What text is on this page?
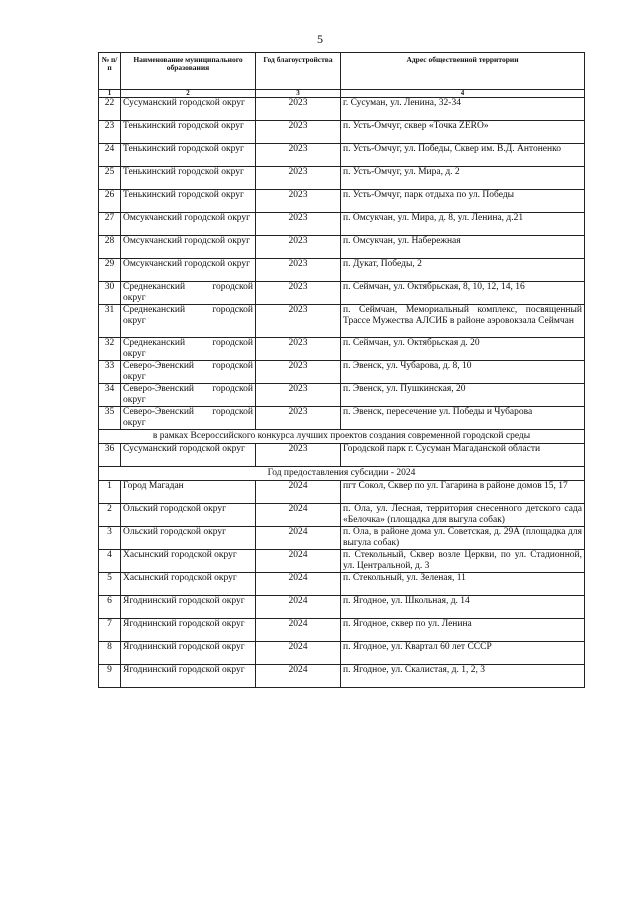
5
№ п/п	Наименование муниципального образования	Год благоустройства	Адрес общественной территории
1	2	3	4
22	Сусуманский городской округ	2023	г. Сусуман, ул. Ленина, 32-34
23	Тенькинский городской округ	2023	п. Усть-Омчуг, сквер «Точка ZERO»
24	Тенькинский городской округ	2023	п. Усть-Омчуг, ул. Победы, Сквер им. В.Д. Антоненко
25	Тенькинский городской округ	2023	п. Усть-Омчуг, ул. Мира, д. 2
26	Тенькинский городской округ	2023	п. Усть-Омчуг, парк отдыха по ул. Победы
27	Омсукчанский городской округ	2023	п. Омсукчан, ул. Мира, д. 8, ул. Ленина, д.21
28	Омсукчанский городской округ	2023	п. Омсукчан, ул. Набережная
29	Омсукчанский городской округ	2023	п. Дукат, Победы, 2
30	Среднеканский городской округ	2023	п. Сеймчан, ул. Октябрьская, 8, 10, 12, 14, 16
31	Среднеканский городской округ	2023	п. Сеймчан, Мемориальный комплекс, посвященный Трассе Мужества АЛСИБ в районе аэровокзала Сеймчан
32	Среднеканский городской округ	2023	п. Сеймчан, ул. Октябрьская д. 20
33	Северо-Эвенский городской округ	2023	п. Эвенск, ул. Чубарова, д. 8, 10
34	Северо-Эвенский городской округ	2023	п. Эвенск, ул. Пушкинская, 20
35	Северо-Эвенский городской округ	2023	п. Эвенск, пересечение ул. Победы и Чубарова
в рамках Всероссийского конкурса лучших проектов создания современной городской среды			
36	Сусуманский городской округ	2023	Городской парк г. Сусуман Магаданской области
Год предоставления субсидии - 2024			
1	Город Магадан	2024	пгт Сокол, Сквер по ул. Гагарина в районе домов 15, 17
2	Ольский городской округ	2024	п. Ола, ул. Лесная, территория снесенного детского сада «Белочка» (площадка для выгула собак)
3	Ольский городской округ	2024	п. Ола, в районе дома ул. Советская, д. 29А (площадка для выгула собак)
4	Хасынский городской округ	2024	п. Стекольный, Сквер возле Церкви, по ул. Стадионной, ул. Центральной, д. 3
5	Хасынский городской округ	2024	п. Стекольный, ул. Зеленая, 11
6	Ягоднинский городской округ	2024	п. Ягодное, ул. Школьная, д. 14
7	Ягоднинский городской округ	2024	п. Ягодное, сквер по ул. Ленина
8	Ягоднинский городской округ	2024	п. Ягодное, ул. Квартал 60 лет СССР
9	Ягоднинский городской округ	2024	п. Ягодное, ул. Скалистая, д. 1, 2, 3
